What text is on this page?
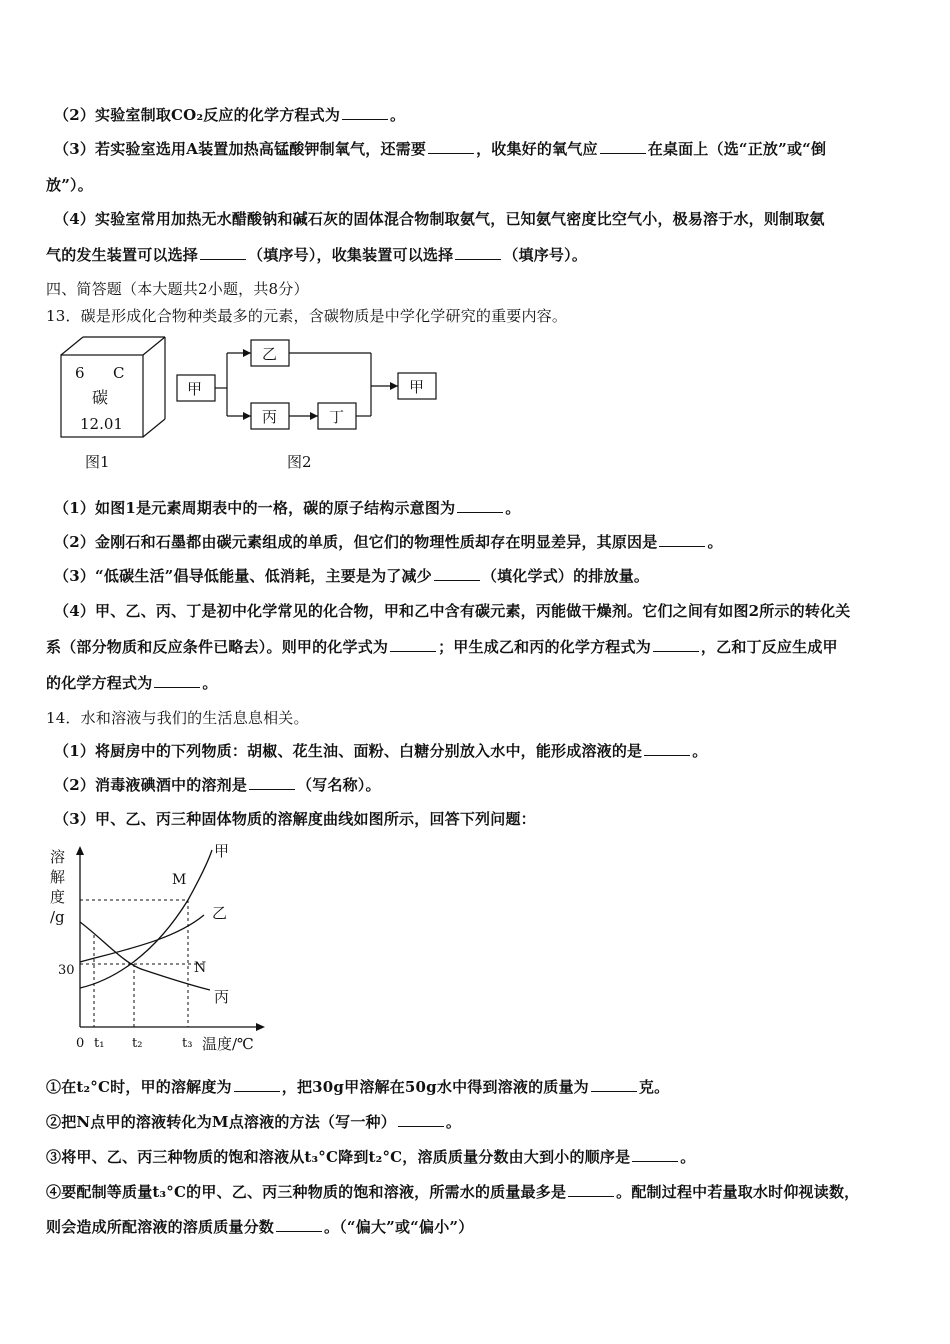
（2）实验室制取CO₂反应的化学方程式为	。
（3）若实验室选用A装置加热高锰酸钾制氧气，还需要	，收集好的氧气应	在桌面上（选“正放”或“倒
放”）。
（4）实验室常用加热无水醋酸钠和碱石灰的固体混合物制取氨气，已知氨气密度比空气小，极易溶于水，则制取氨
气的发生装置可以选择	（填序号），收集装置可以选择	（填序号）。
四、简答题（本大题共2小题，共8分）
13．碳是形成化合物种类最多的元素，含碳物质是中学化学研究的重要内容。
6 C
碳
12.01
图1
甲
乙
丙	丁
甲
图2
（1）如图1是元素周期表中的一格，碳的原子结构示意图为	。
（2）金刚石和石墨都由碳元素组成的单质，但它们的物理性质却存在明显差异，其原因是	。
（3）“低碳生活”倡导低能量、低消耗，主要是为了减少	（填化学式）的排放量。
（4）甲、乙、丙、丁是初中化学常见的化合物，甲和乙中含有碳元素，丙能做干燥剂。它们之间有如图2所示的转化关
系（部分物质和反应条件已略去）。则甲的化学式为	；甲生成乙和丙的化学方程式为	，乙和丁反应生成甲
的化学方程式为	。
14．水和溶液与我们的生活息息相关。
（1）将厨房中的下列物质：胡椒、花生油、面粉、白糖分别放入水中，能形成溶液的是	。
（2）消毒液碘酒中的溶剂是	（写名称）。
（3）甲、乙、丙三种固体物质的溶解度曲线如图所示，回答下列问题：
溶
解
度
/g
甲
乙
丙
M
N
30
0 t₁ t₂	t₃ 温度/℃
①在t₂°C时，甲的溶解度为	，把30g甲溶解在50g水中得到溶液的质量为	克。
②把N点甲的溶液转化为M点溶液的方法（写一种）	。
③将甲、乙、丙三种物质的饱和溶液从t₃°C降到t₂°C，溶质质量分数由大到小的顺序是	。
④要配制等质量t₃°C的甲、乙、丙三种物质的饱和溶液，所需水的质量最多是	。配制过程中若量取水时仰视读数，
则会造成所配溶液的溶质质量分数	。（“偏大”或“偏小”）
